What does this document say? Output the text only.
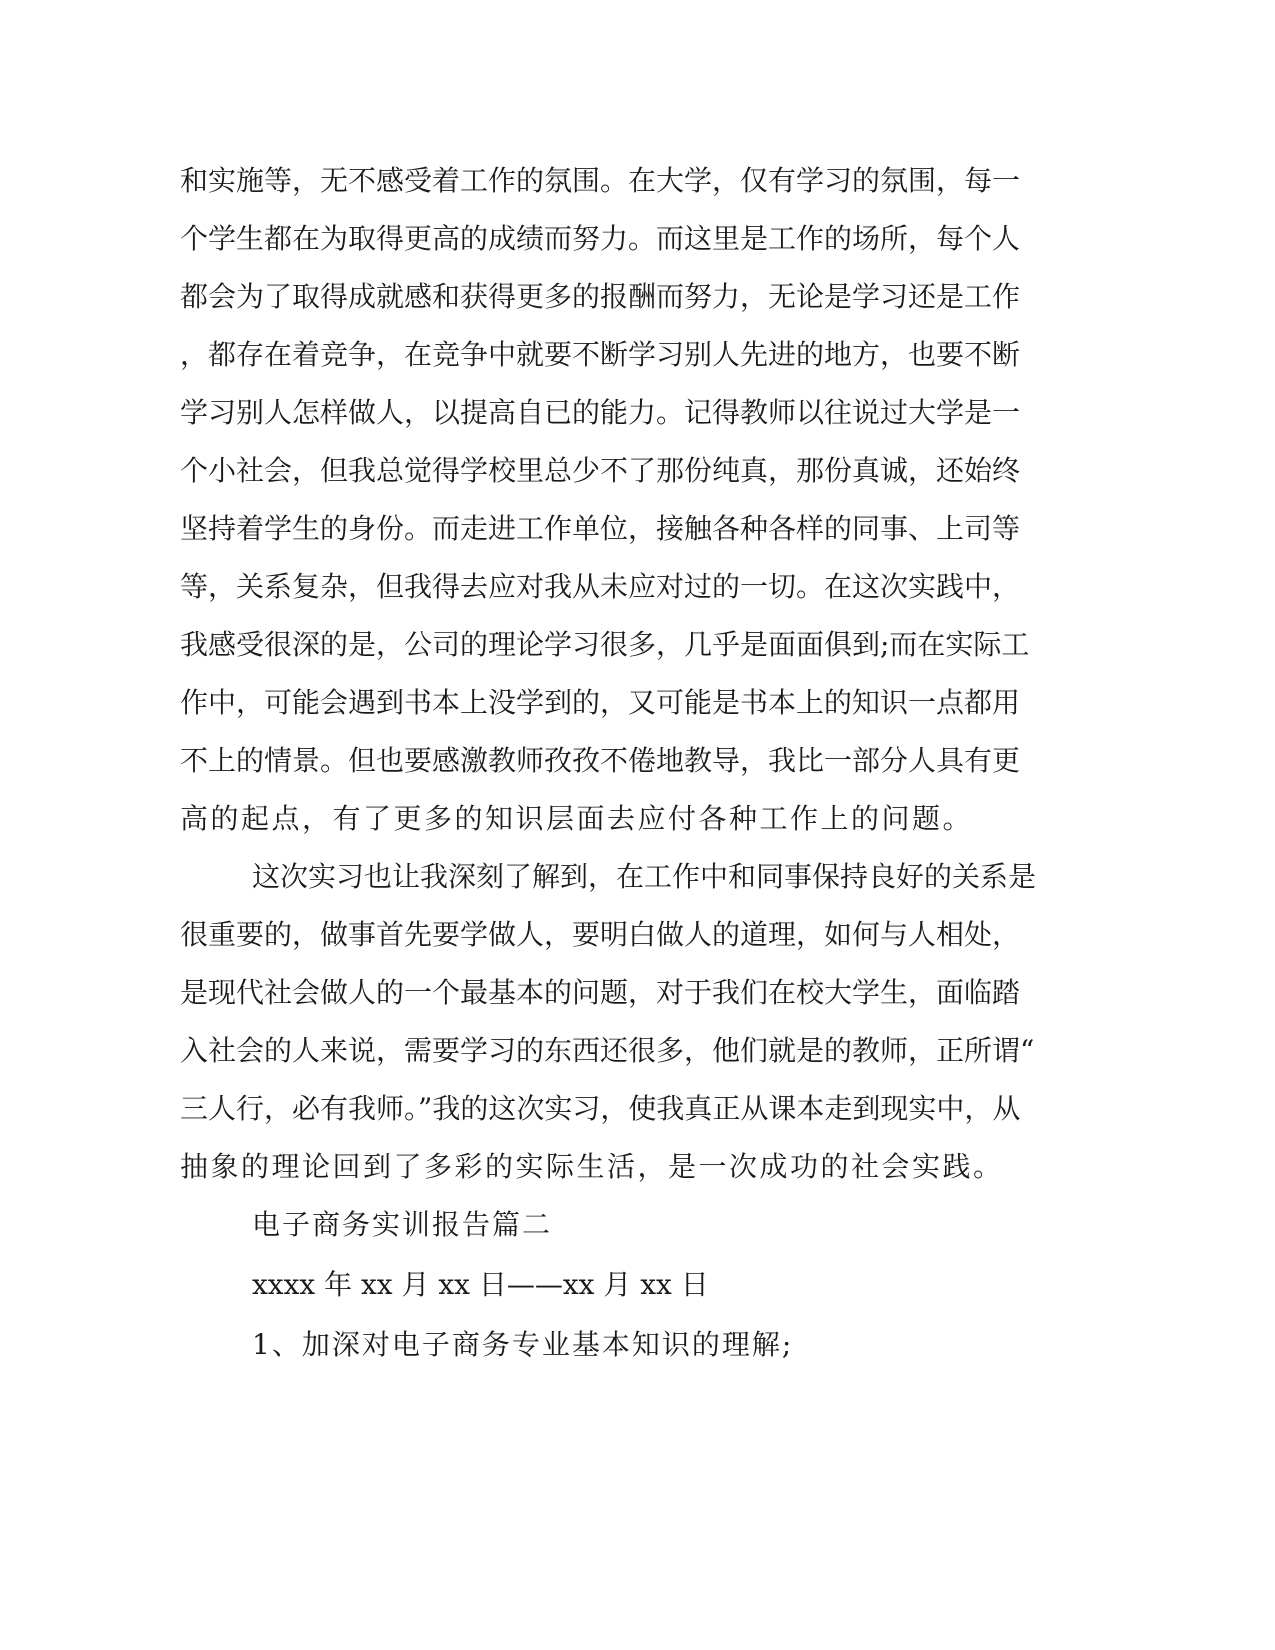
和实施等，无不感受着工作的氛围。在大学，仅有学习的氛围，每一
个学生都在为取得更高的成绩而努力。而这里是工作的场所，每个人
都会为了取得成就感和获得更多的报酬而努力，无论是学习还是工作
，都存在着竞争，在竞争中就要不断学习别人先进的地方，也要不断
学习别人怎样做人，以提高自已的能力。记得教师以往说过大学是一
个小社会，但我总觉得学校里总少不了那份纯真，那份真诚，还始终
坚持着学生的身份。而走进工作单位，接触各种各样的同事、上司等
等，关系复杂，但我得去应对我从未应对过的一切。在这次实践中，
我感受很深的是，公司的理论学习很多，几乎是面面俱到;而在实际工
作中，可能会遇到书本上没学到的，又可能是书本上的知识一点都用
不上的情景。但也要感激教师孜孜不倦地教导，我比一部分人具有更
高的起点，有了更多的知识层面去应付各种工作上的问题。
这次实习也让我深刻了解到，在工作中和同事保持良好的关系是
很重要的，做事首先要学做人，要明白做人的道理，如何与人相处，
是现代社会做人的一个最基本的问题，对于我们在校大学生，面临踏
入社会的人来说，需要学习的东西还很多，他们就是的教师，正所谓“
三人行，必有我师。”我的这次实习，使我真正从课本走到现实中，从
抽象的理论回到了多彩的实际生活，是一次成功的社会实践。
电子商务实训报告篇二
xxxx 年 xx 月 xx 日——xx 月 xx 日
1、加深对电子商务专业基本知识的理解;
